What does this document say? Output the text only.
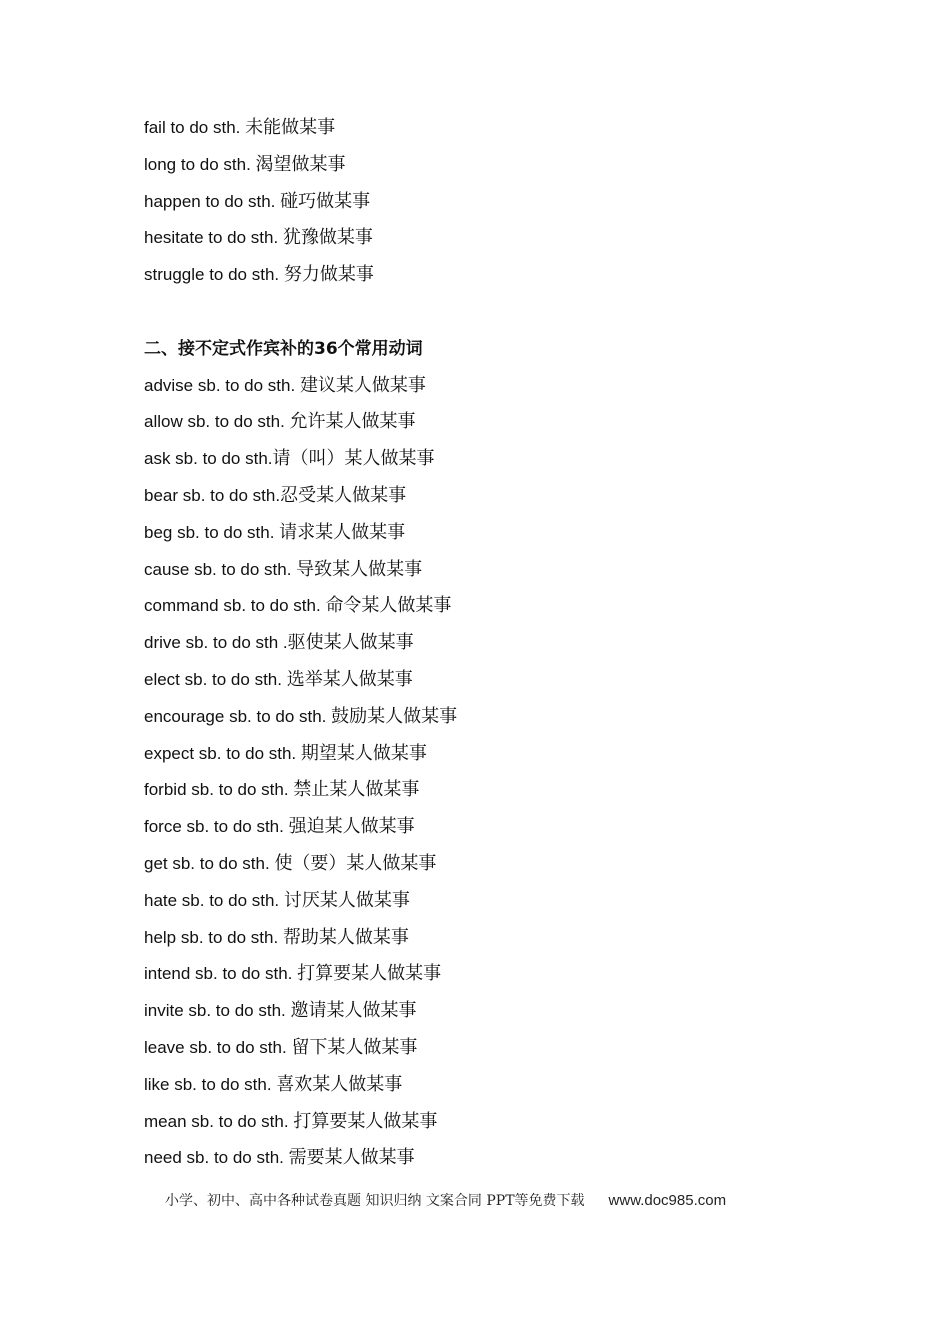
fail to do sth. 未能做某事
long to do sth. 渴望做某事
happen to do sth. 碰巧做某事
hesitate to do sth. 犹豫做某事
struggle to do sth. 努力做某事
二、接不定式作宾补的36个常用动词
advise sb. to do sth. 建议某人做某事
allow sb. to do sth. 允许某人做某事
ask sb. to do sth.请（叫）某人做某事
bear sb. to do sth.忍受某人做某事
beg sb. to do sth. 请求某人做某事
cause sb. to do sth. 导致某人做某事
command sb. to do sth. 命令某人做某事
drive sb. to do sth .驱使某人做某事
elect sb. to do sth. 选举某人做某事
encourage sb. to do sth. 鼓励某人做某事
expect sb. to do sth. 期望某人做某事
forbid sb. to do sth. 禁止某人做某事
force sb. to do sth. 强迫某人做某事
get sb. to do sth. 使（要）某人做某事
hate sb. to do sth. 讨厌某人做某事
help sb. to do sth. 帮助某人做某事
intend sb. to do sth. 打算要某人做某事
invite sb. to do sth. 邀请某人做某事
leave sb. to do sth. 留下某人做某事
like sb. to do sth. 喜欢某人做某事
mean sb. to do sth. 打算要某人做某事
need sb. to do sth. 需要某人做某事
小学、初中、高中各种试卷真题 知识归纳 文案合同 PPT等免费下载 www.doc985.com
